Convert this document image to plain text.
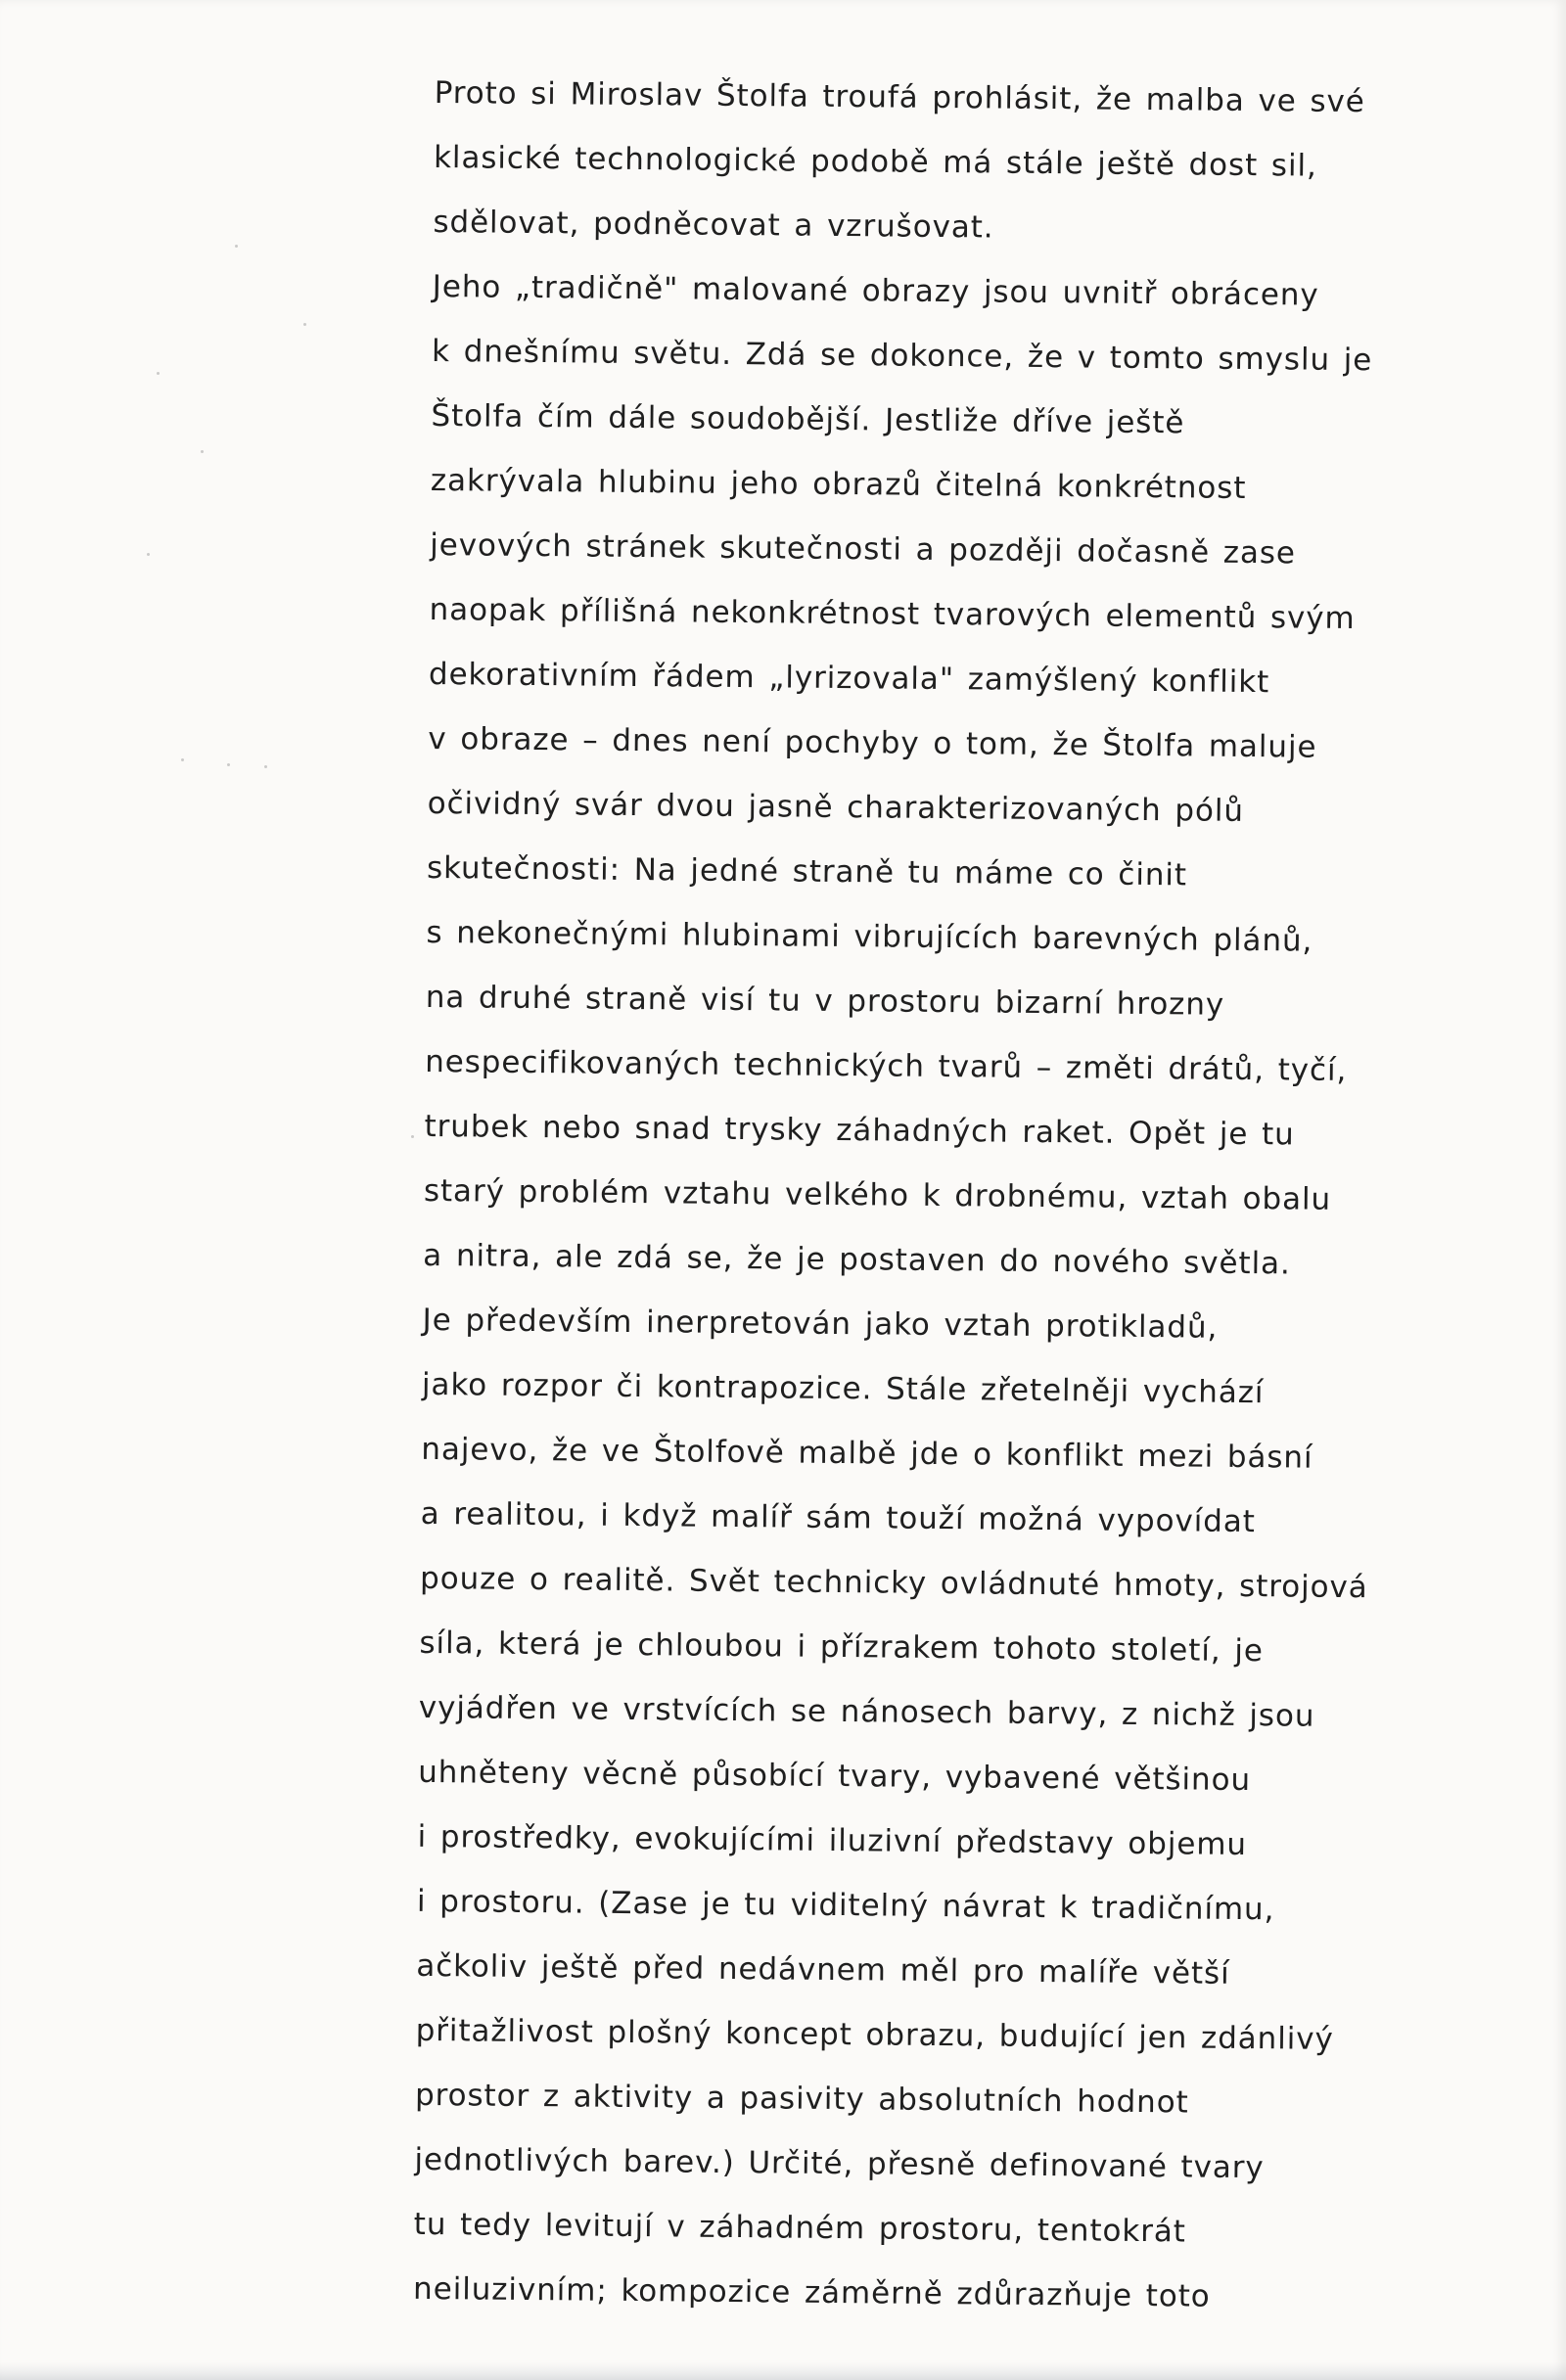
Proto si Miroslav Štolfa troufá prohlásit, že malba ve své
klasické technologické podobě má stále ještě dost sil,
sdělovat, podněcovat a vzrušovat.
Jeho „tradičně" malované obrazy jsou uvnitř obráceny
k dnešnímu světu. Zdá se dokonce, že v tomto smyslu je
Štolfa čím dále soudobější. Jestliže dříve ještě
zakrývala hlubinu jeho obrazů čitelná konkrétnost
jevových stránek skutečnosti a později dočasně zase
naopak přílišná nekonkrétnost tvarových elementů svým
dekorativním řádem „lyrizovala" zamýšlený konflikt
v obraze – dnes není pochyby o tom, že Štolfa maluje
očividný svár dvou jasně charakterizovaných pólů
skutečnosti: Na jedné straně tu máme co činit
s nekonečnými hlubinami vibrujících barevných plánů,
na druhé straně visí tu v prostoru bizarní hrozny
nespecifikovaných technických tvarů – změti drátů, tyčí,
trubek nebo snad trysky záhadných raket. Opět je tu
starý problém vztahu velkého k drobnému, vztah obalu
a nitra, ale zdá se, že je postaven do nového světla.
Je především inerpretován jako vztah protikladů,
jako rozpor či kontrapozice. Stále zřetelněji vychází
najevo, že ve Štolfově malbě jde o konflikt mezi básní
a realitou, i když malíř sám touží možná vypovídat
pouze o realitě. Svět technicky ovládnuté hmoty, strojová
síla, která je chloubou i přízrakem tohoto století, je
vyjádřen ve vrstvících se nánosech barvy, z nichž jsou
uhněteny věcně působící tvary, vybavené většinou
i prostředky, evokujícími iluzivní představy objemu
i prostoru. (Zase je tu viditelný návrat k tradičnímu,
ačkoliv ještě před nedávnem měl pro malíře větší
přitažlivost plošný koncept obrazu, budující jen zdánlivý
prostor z aktivity a pasivity absolutních hodnot
jednotlivých barev.) Určité, přesně definované tvary
tu tedy levitují v záhadném prostoru, tentokrát
neiluzivním; kompozice záměrně zdůrazňuje toto
